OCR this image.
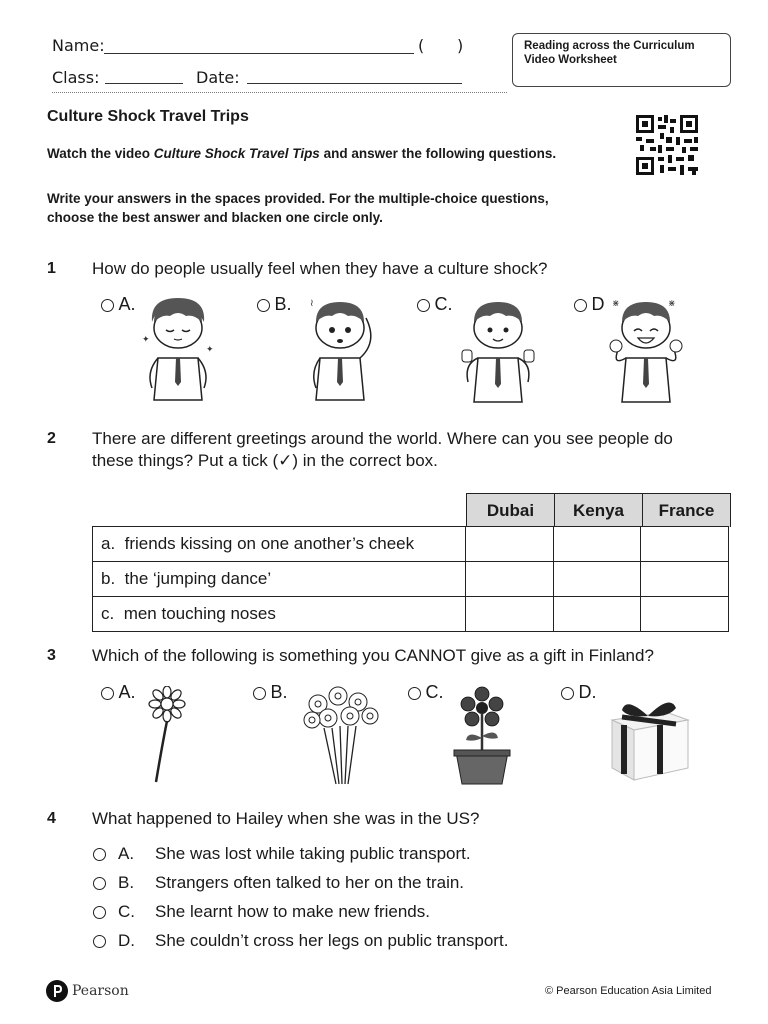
Name:	( )
Class:	Date:
Reading across the Curriculum
Video Worksheet
Culture Shock Travel Trips
Watch the video Culture Shock Travel Tips and answer the following questions.
Write your answers in the spaces provided. For the multiple-choice questions, choose the best answer and blacken one circle only.
1 How do people usually feel when they have a culture shock?
A.	B.	C.	D
✦
✦
≀	⋇
⋇
2 There are different greetings around the world. Where can you see people do
these things? Put a tick (✓) in the correct box.
Dubai	Kenya	France
a. friends kissing on one another’s cheek			
b. the ‘jumping dance’			
c. men touching noses			
3 Which of the following is something you CANNOT give as a gift in Finland?
A.	B.	C.	D.
4 What happened to Hailey when she was in the US?
A.	She was lost while taking public transport.
B.	Strangers often talked to her on the train.
C.	She learnt how to make new friends.
D.	She couldn’t cross her legs on public transport.
Pearson	© Pearson Education Asia Limited
